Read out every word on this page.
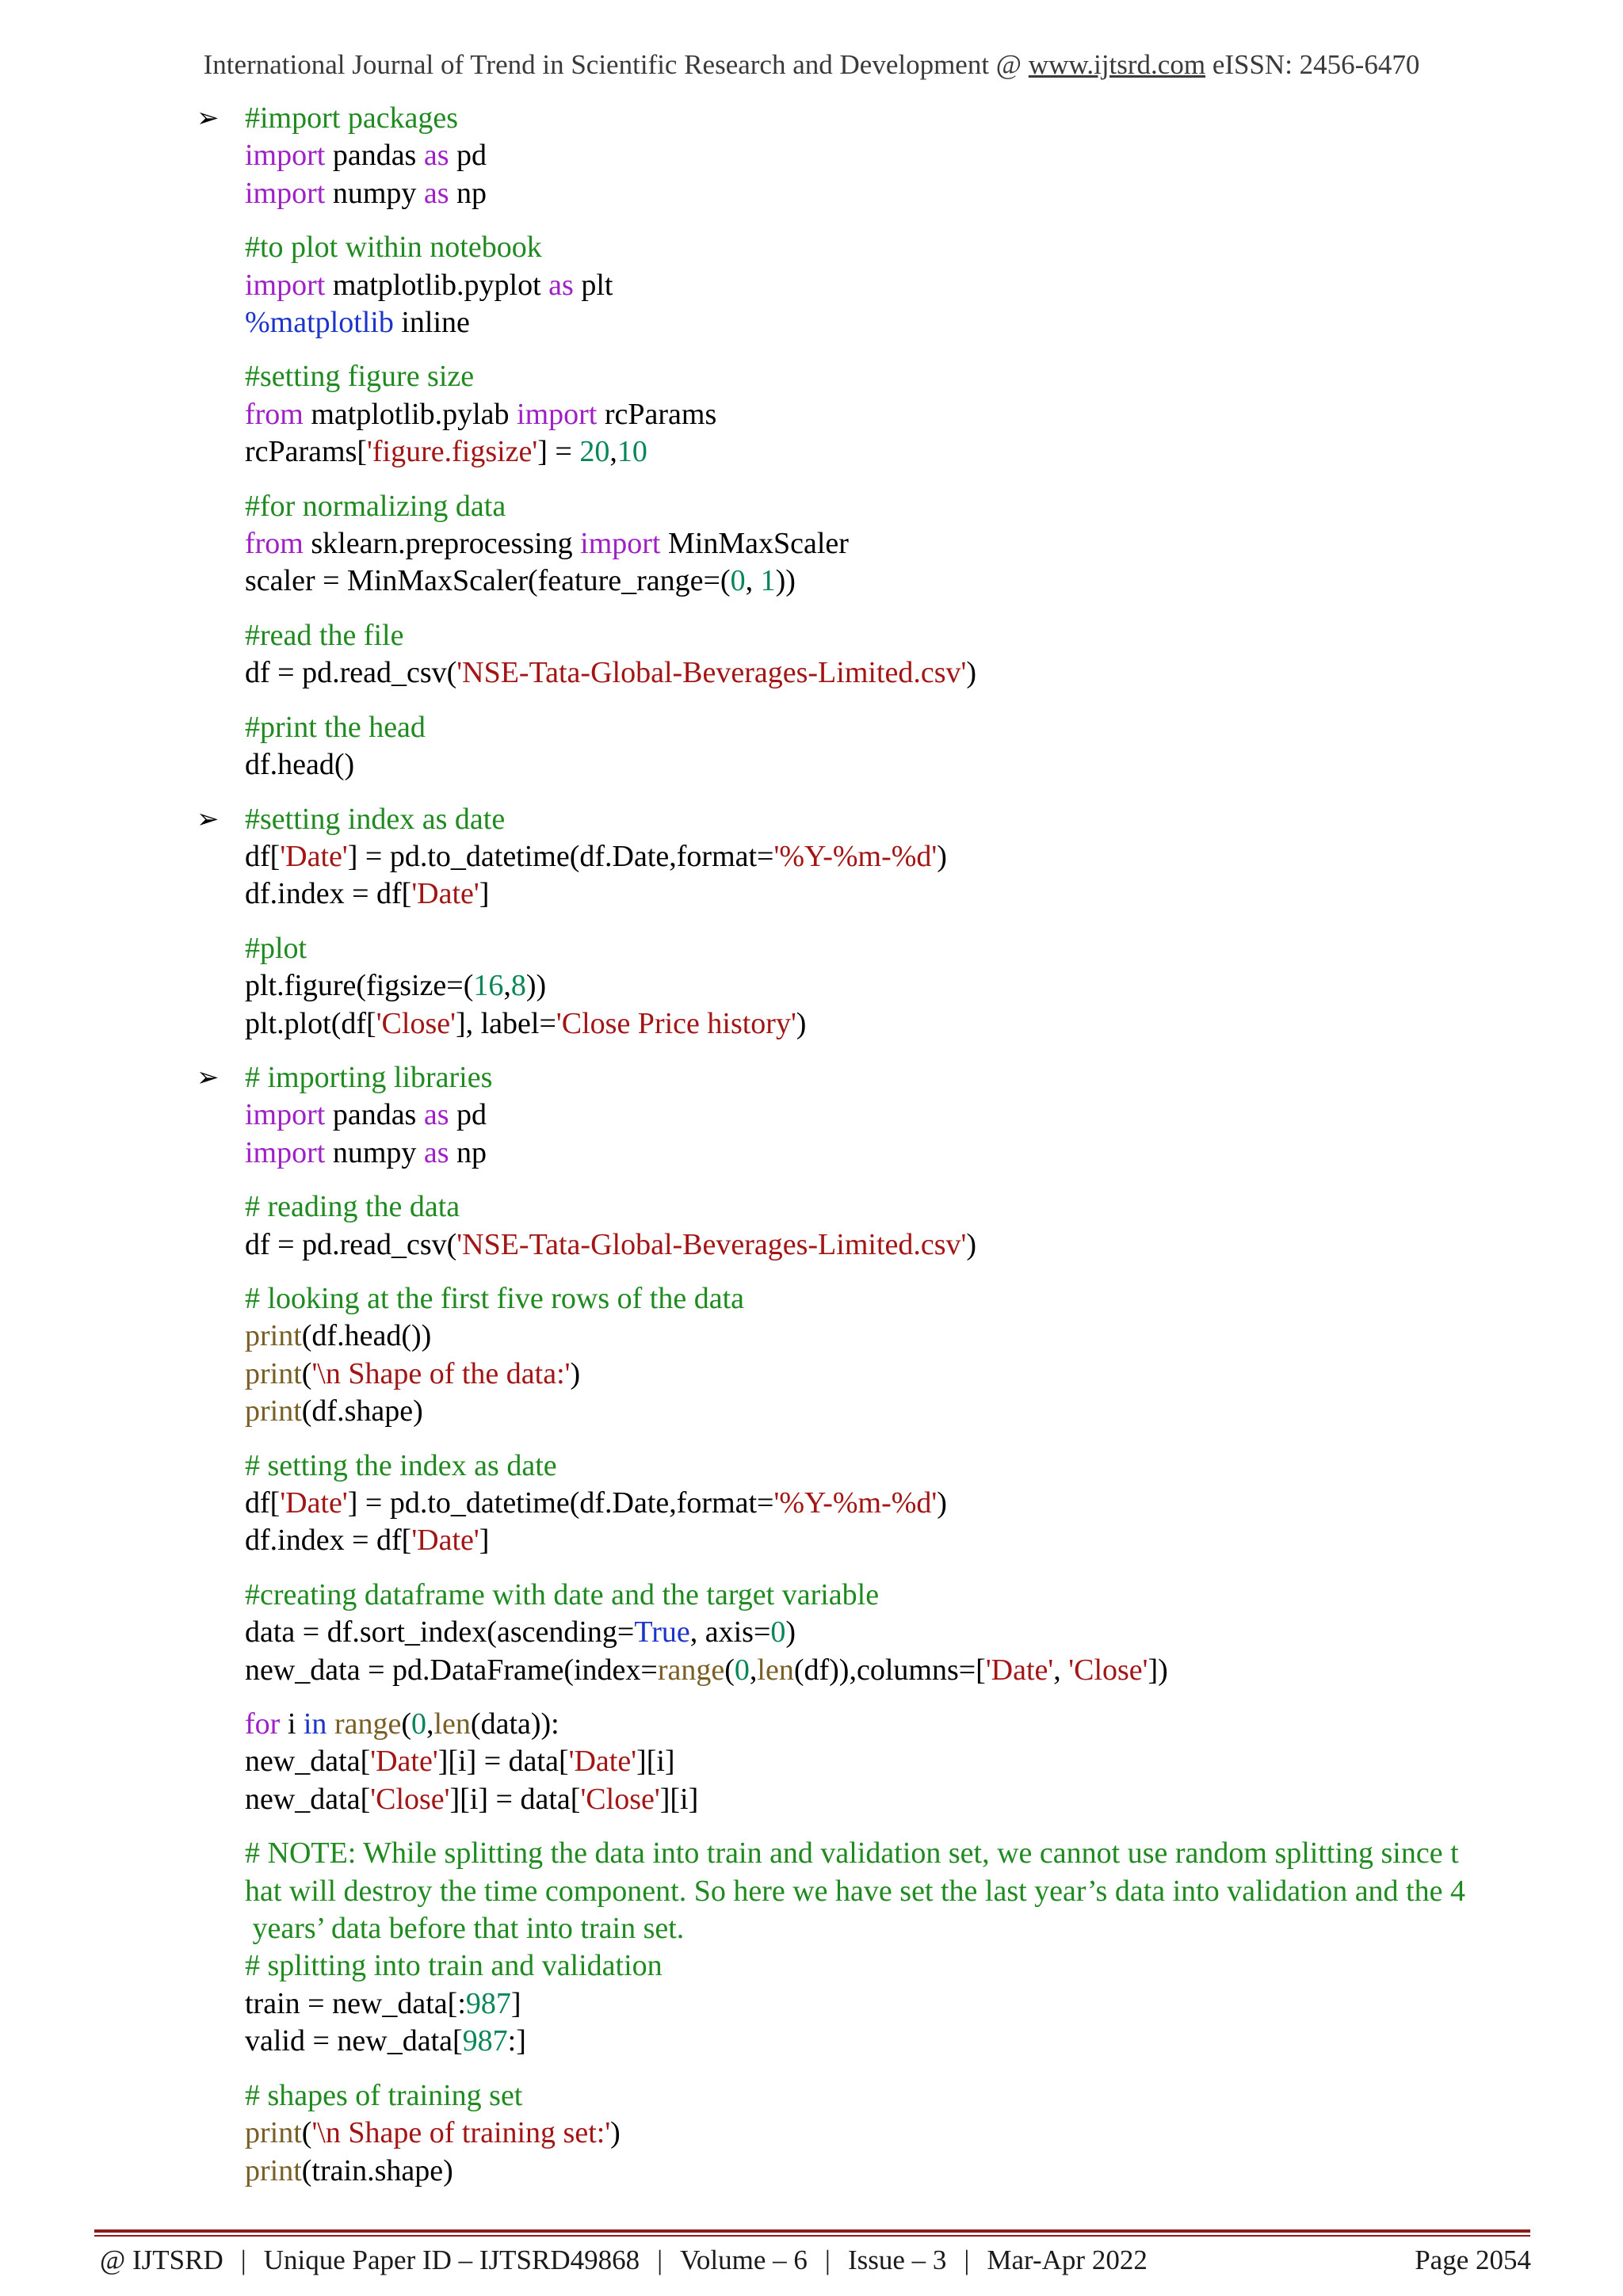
International Journal of Trend in Scientific Research and Development @ www.ijtsrd.com eISSN: 2456-6470
➢ #import packages
import pandas as pd
import numpy as np
#to plot within notebook
import matplotlib.pyplot as plt
%matplotlib inline
#setting figure size
from matplotlib.pylab import rcParams
rcParams['figure.figsize'] = 20,10
#for normalizing data
from sklearn.preprocessing import MinMaxScaler
scaler = MinMaxScaler(feature_range=(0, 1))
#read the file
df = pd.read_csv('NSE-Tata-Global-Beverages-Limited.csv')
#print the head
df.head()
➢ #setting index as date
df['Date'] = pd.to_datetime(df.Date,format='%Y-%m-%d')
df.index = df['Date']
#plot
plt.figure(figsize=(16,8))
plt.plot(df['Close'], label='Close Price history')
➢ # importing libraries
import pandas as pd
import numpy as np
# reading the data
df = pd.read_csv('NSE-Tata-Global-Beverages-Limited.csv')
# looking at the first five rows of the data
print(df.head())
print('\n Shape of the data:')
print(df.shape)
# setting the index as date
df['Date'] = pd.to_datetime(df.Date,format='%Y-%m-%d')
df.index = df['Date']
#creating dataframe with date and the target variable
data = df.sort_index(ascending=True, axis=0)
new_data = pd.DataFrame(index=range(0,len(df)),columns=['Date', 'Close'])
for i in range(0,len(data)):
new_data['Date'][i] = data['Date'][i]
new_data['Close'][i] = data['Close'][i]
# NOTE: While splitting the data into train and validation set, we cannot use random splitting since t
hat will destroy the time component. So here we have set the last year’s data into validation and the 4
years’ data before that into train set.
# splitting into train and validation
train = new_data[:987]
valid = new_data[987:]
# shapes of training set
print('\n Shape of training set:')
print(train.shape)
@ IJTSRD | Unique Paper ID – IJTSRD49868 | Volume – 6 | Issue – 3 | Mar-Apr 2022	Page 2054
